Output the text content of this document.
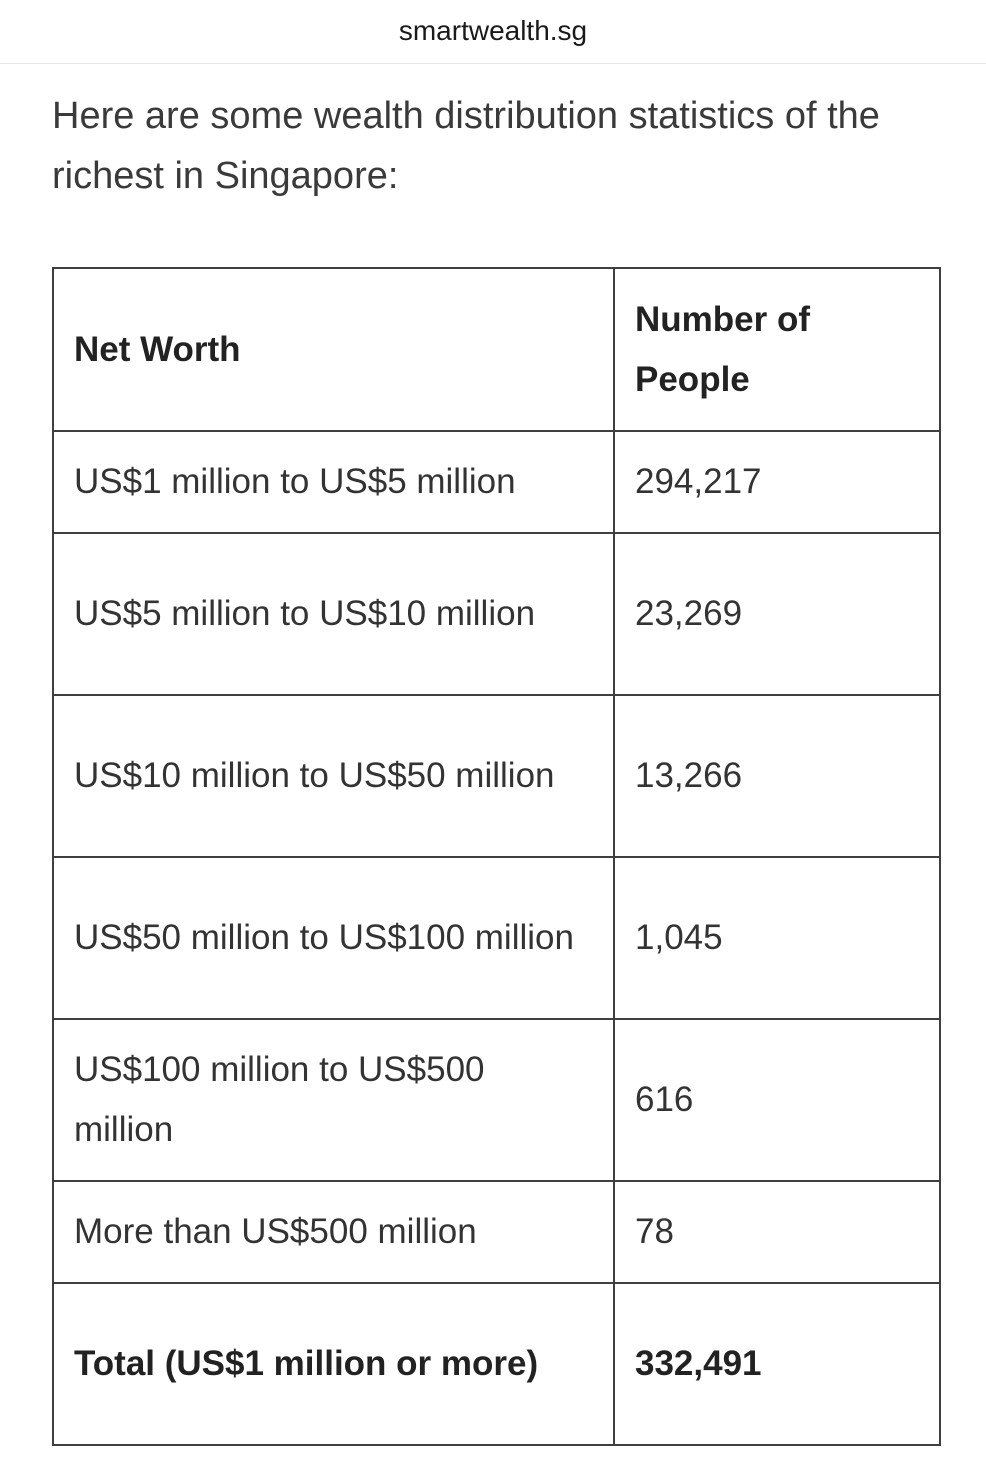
smartwealth.sg

Here are some wealth distribution statistics of the richest in Singapore:

Net Worth	Number of People
US$1 million to US$5 million	294,217
US$5 million to US$10 million	23,269
US$10 million to US$50 million	13,266
US$50 million to US$100 million	1,045
US$100 million to US$500 million	616
More than US$500 million	78
Total (US$1 million or more)	332,491
